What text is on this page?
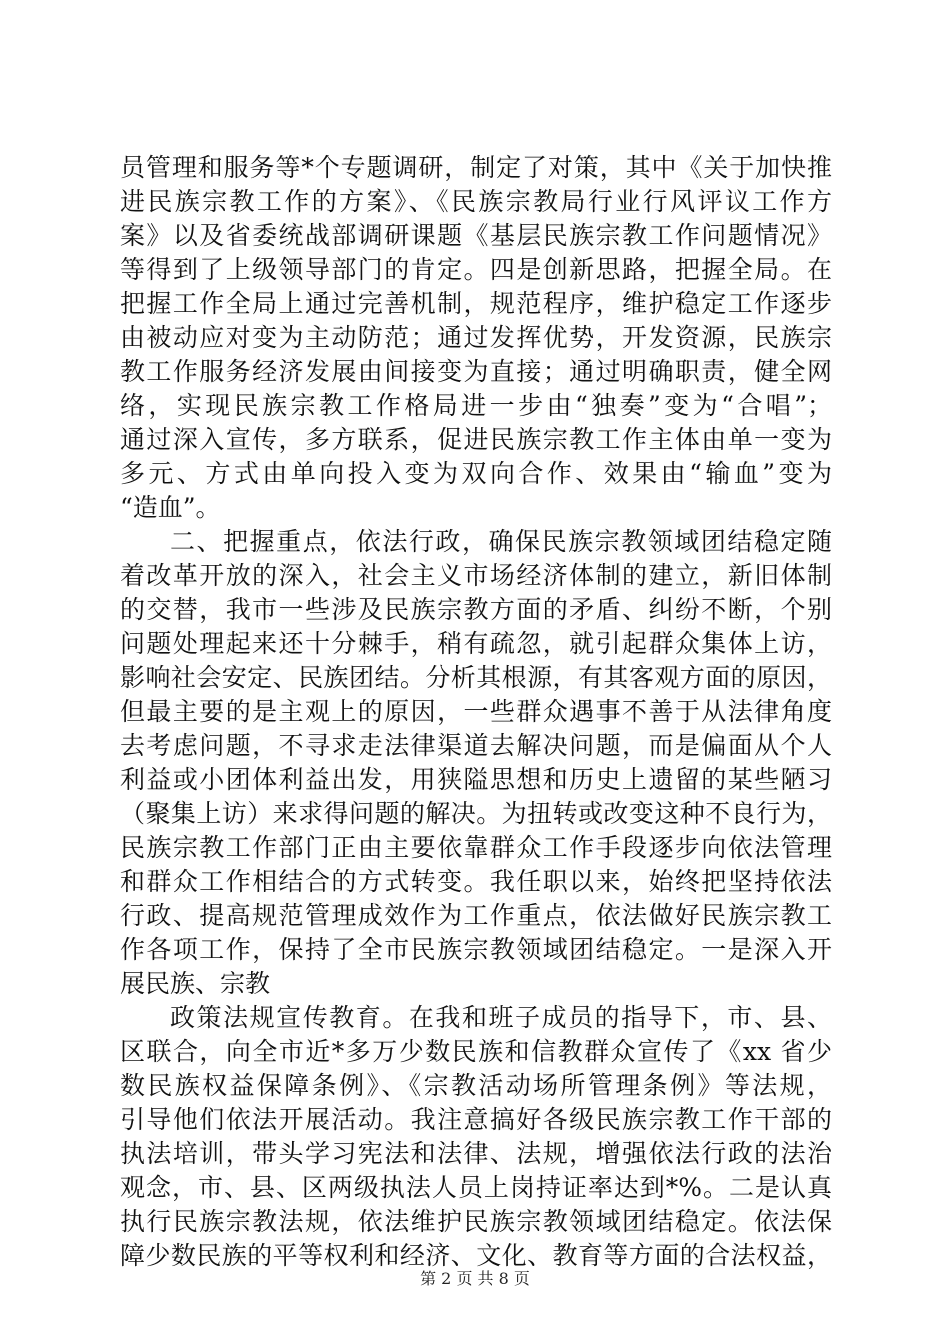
员管理和服务等*个专题调研，制定了对策，其中《关于加快推
进民族宗教工作的方案》、《民族宗教局行业行风评议工作方
案》以及省委统战部调研课题《基层民族宗教工作问题情况》
等得到了上级领导部门的肯定。四是创新思路，把握全局。在
把握工作全局上通过完善机制，规范程序，维护稳定工作逐步
由被动应对变为主动防范；通过发挥优势，开发资源，民族宗
教工作服务经济发展由间接变为直接；通过明确职责，健全网
络，实现民族宗教工作格局进一步由“独奏”变为“合唱”；
通过深入宣传，多方联系，促进民族宗教工作主体由单一变为
多元、方式由单向投入变为双向合作、效果由“输血”变为
“造血”。
二、把握重点，依法行政，确保民族宗教领域团结稳定随
着改革开放的深入，社会主义市场经济体制的建立，新旧体制
的交替，我市一些涉及民族宗教方面的矛盾、纠纷不断，个别
问题处理起来还十分棘手，稍有疏忽，就引起群众集体上访，
影响社会安定、民族团结。分析其根源，有其客观方面的原因，
但最主要的是主观上的原因，一些群众遇事不善于从法律角度
去考虑问题，不寻求走法律渠道去解决问题，而是偏面从个人
利益或小团体利益出发，用狭隘思想和历史上遗留的某些陋习
（聚集上访）来求得问题的解决。为扭转或改变这种不良行为，
民族宗教工作部门正由主要依靠群众工作手段逐步向依法管理
和群众工作相结合的方式转变。我任职以来，始终把坚持依法
行政、提高规范管理成效作为工作重点，依法做好民族宗教工
作各项工作，保持了全市民族宗教领域团结稳定。一是深入开
展民族、宗教
政策法规宣传教育。在我和班子成员的指导下，市、县、
区联合，向全市近*多万少数民族和信教群众宣传了《xx 省少
数民族权益保障条例》、《宗教活动场所管理条例》等法规，
引导他们依法开展活动。我注意搞好各级民族宗教工作干部的
执法培训，带头学习宪法和法律、法规，增强依法行政的法治
观念，市、县、区两级执法人员上岗持证率达到*%。二是认真
执行民族宗教法规，依法维护民族宗教领域团结稳定。依法保
障少数民族的平等权利和经济、文化、教育等方面的合法权益，
第 2 页 共 8 页
